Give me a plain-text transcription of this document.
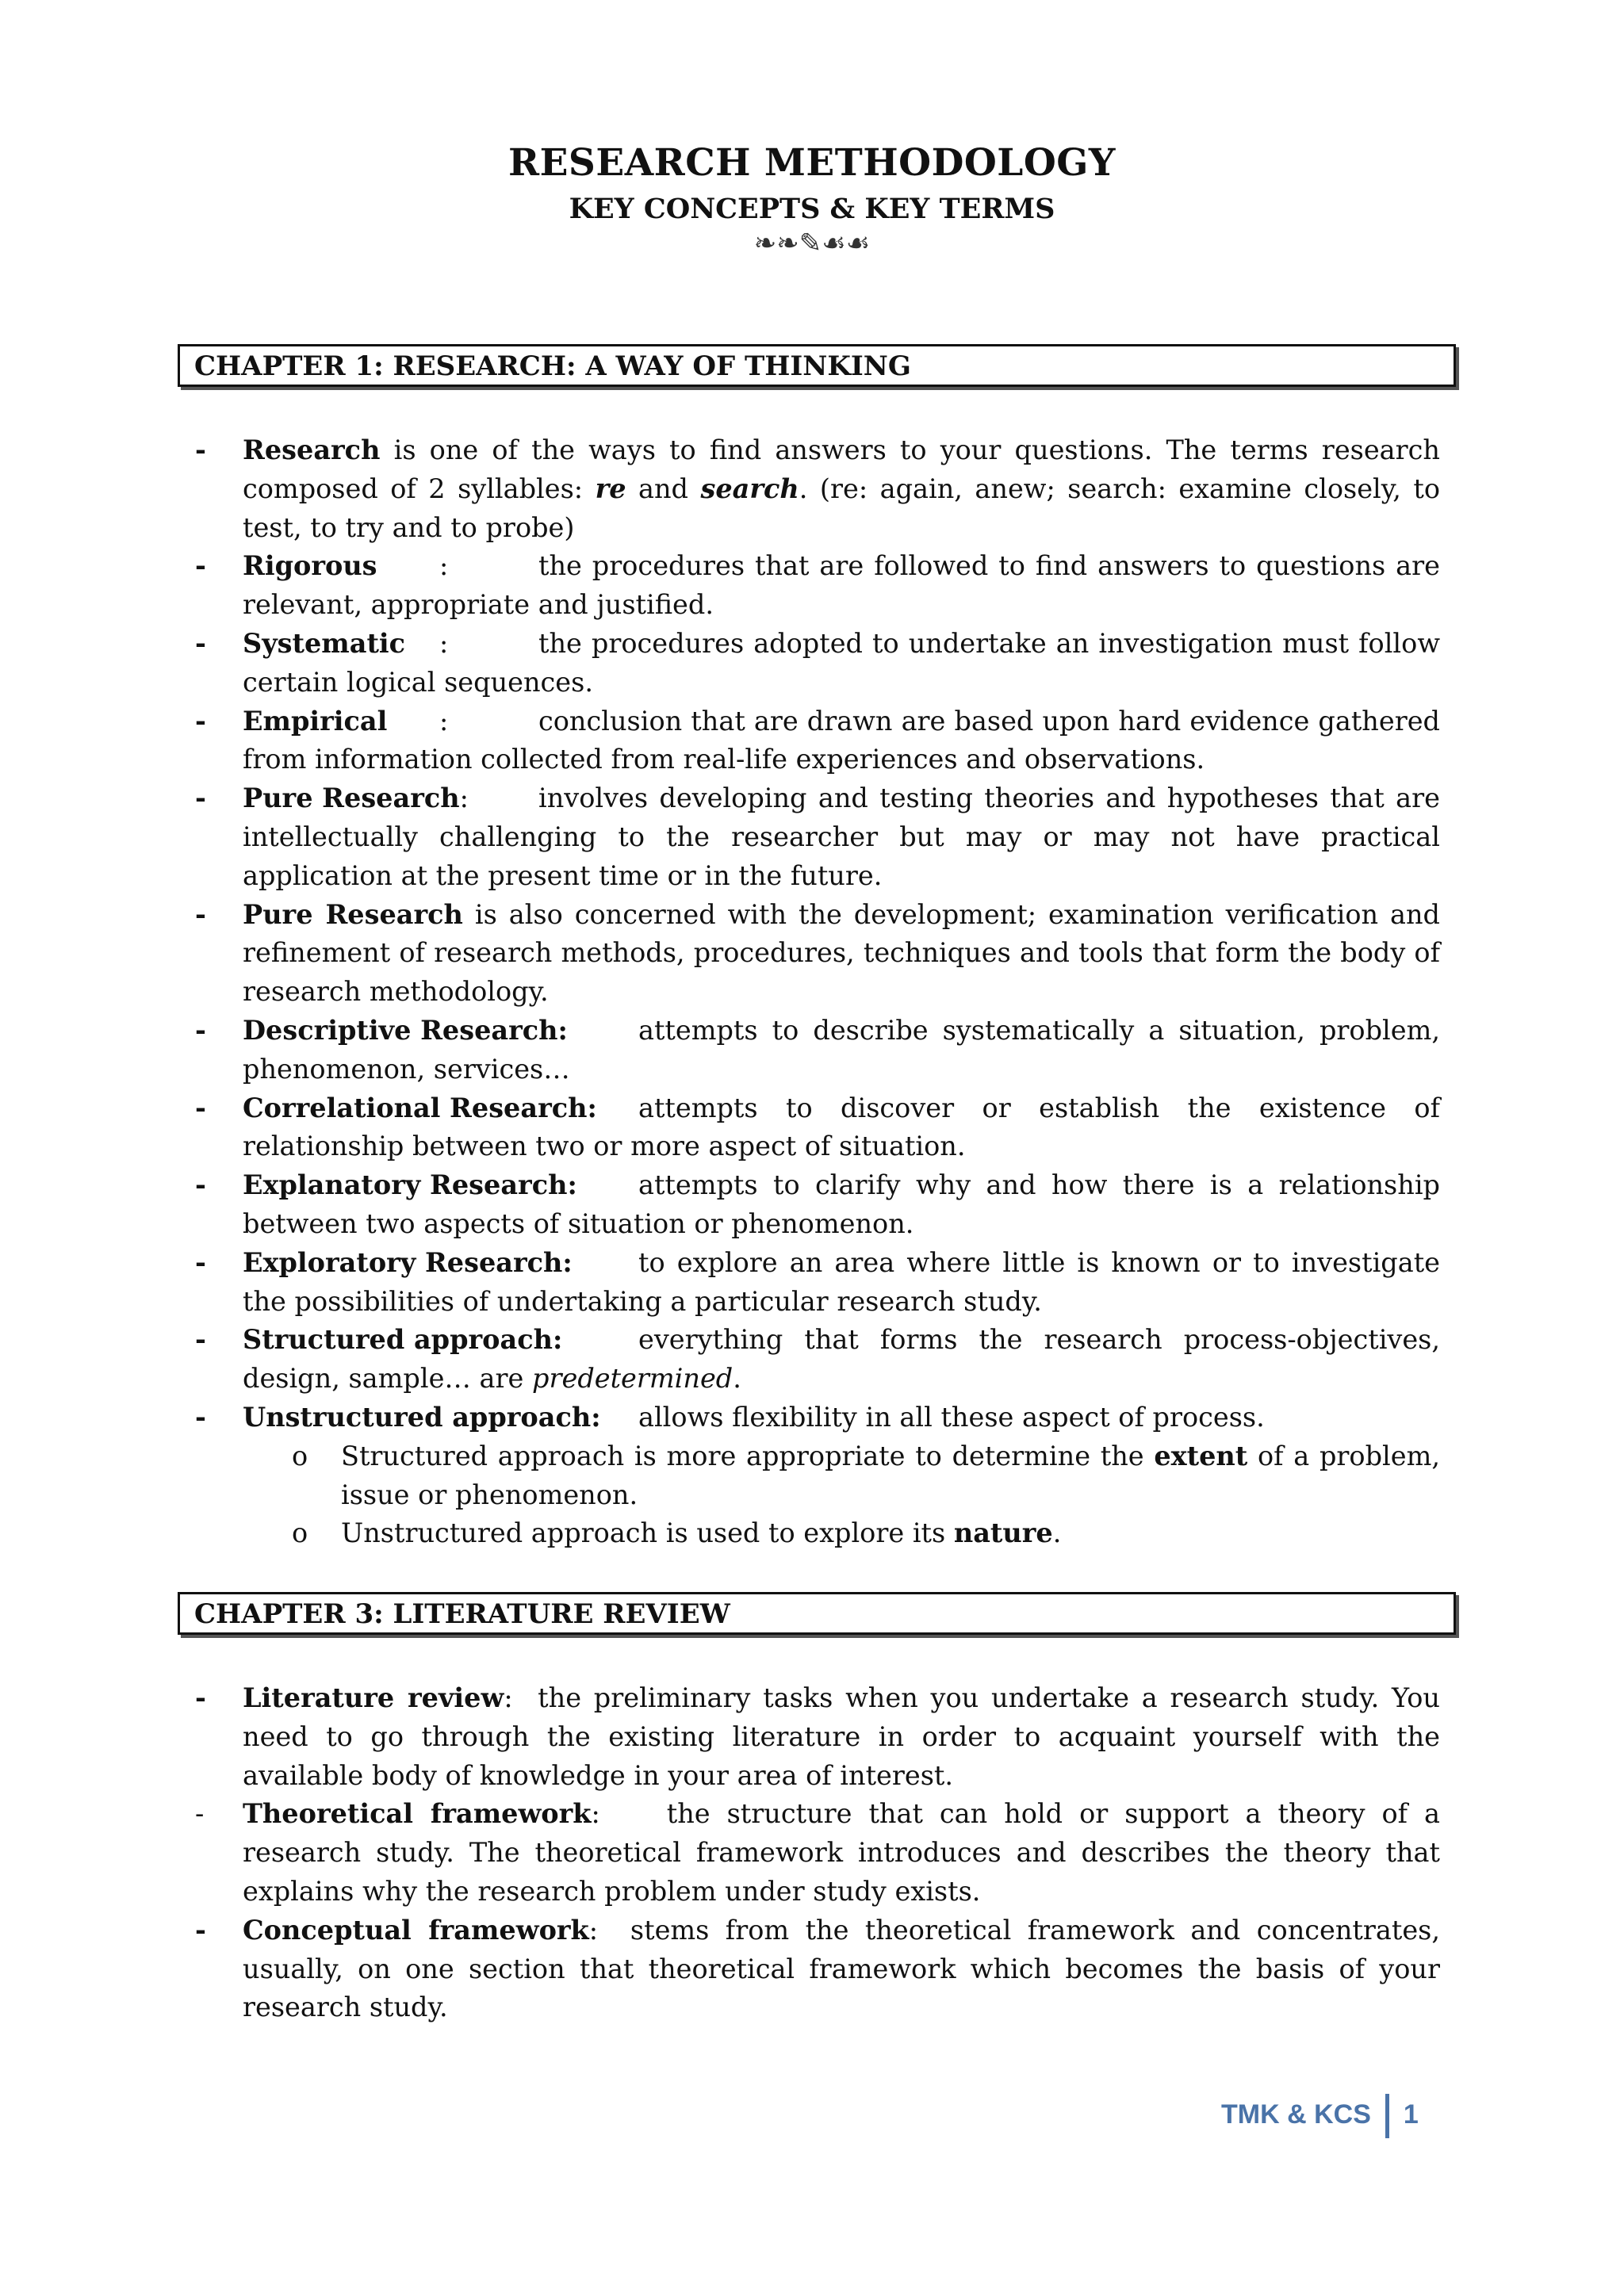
RESEARCH METHODOLOGY
KEY CONCEPTS & KEY TERMS
❧❧✎☙☙
CHAPTER 1: RESEARCH: A WAY OF THINKING
- Research is one of the ways to find answers to your questions. The terms research composed of 2 syllables: re and search. (re: again, anew; search: examine closely, to test, to try and to probe)
- Rigorous :	the procedures that are followed to find answers to questions are relevant, appropriate and justified.
- Systematic :	the procedures adopted to undertake an investigation must follow certain logical sequences.
- Empirical :	conclusion that are drawn are based upon hard evidence gathered from information collected from real-life experiences and observations.
- Pure Research:	involves developing and testing theories and hypotheses that are intellectually challenging to the researcher but may or may not have practical application at the present time or in the future.
- Pure Research is also concerned with the development; examination verification and refinement of research methods, procedures, techniques and tools that form the body of research methodology.
- Descriptive Research:	attempts to describe systematically a situation, problem, phenomenon, services…
- Correlational Research: attempts to discover or establish the existence of relationship between two or more aspect of situation.
- Explanatory Research: attempts to clarify why and how there is a relationship between two aspects of situation or phenomenon.
- Exploratory Research: to explore an area where little is known or to investigate the possibilities of undertaking a particular research study.
- Structured approach:	everything that forms the research process-objectives, design, sample… are predetermined.
- Unstructured approach: allows flexibility in all these aspect of process.
o Structured approach is more appropriate to determine the extent of a problem, issue or phenomenon.
o Unstructured approach is used to explore its nature.
CHAPTER 3: LITERATURE REVIEW
- Literature review:  the preliminary tasks when you undertake a research study. You need to go through the existing literature in order to acquaint yourself with the available body of knowledge in your area of interest.
- Theoretical framework:    the structure that can hold or support a theory of a research study. The theoretical framework introduces and describes the theory that explains why the research problem under study exists.
- Conceptual framework:  stems from the theoretical framework and concentrates, usually, on one section that theoretical framework which becomes the basis of your research study.
TMK & KCS 1
